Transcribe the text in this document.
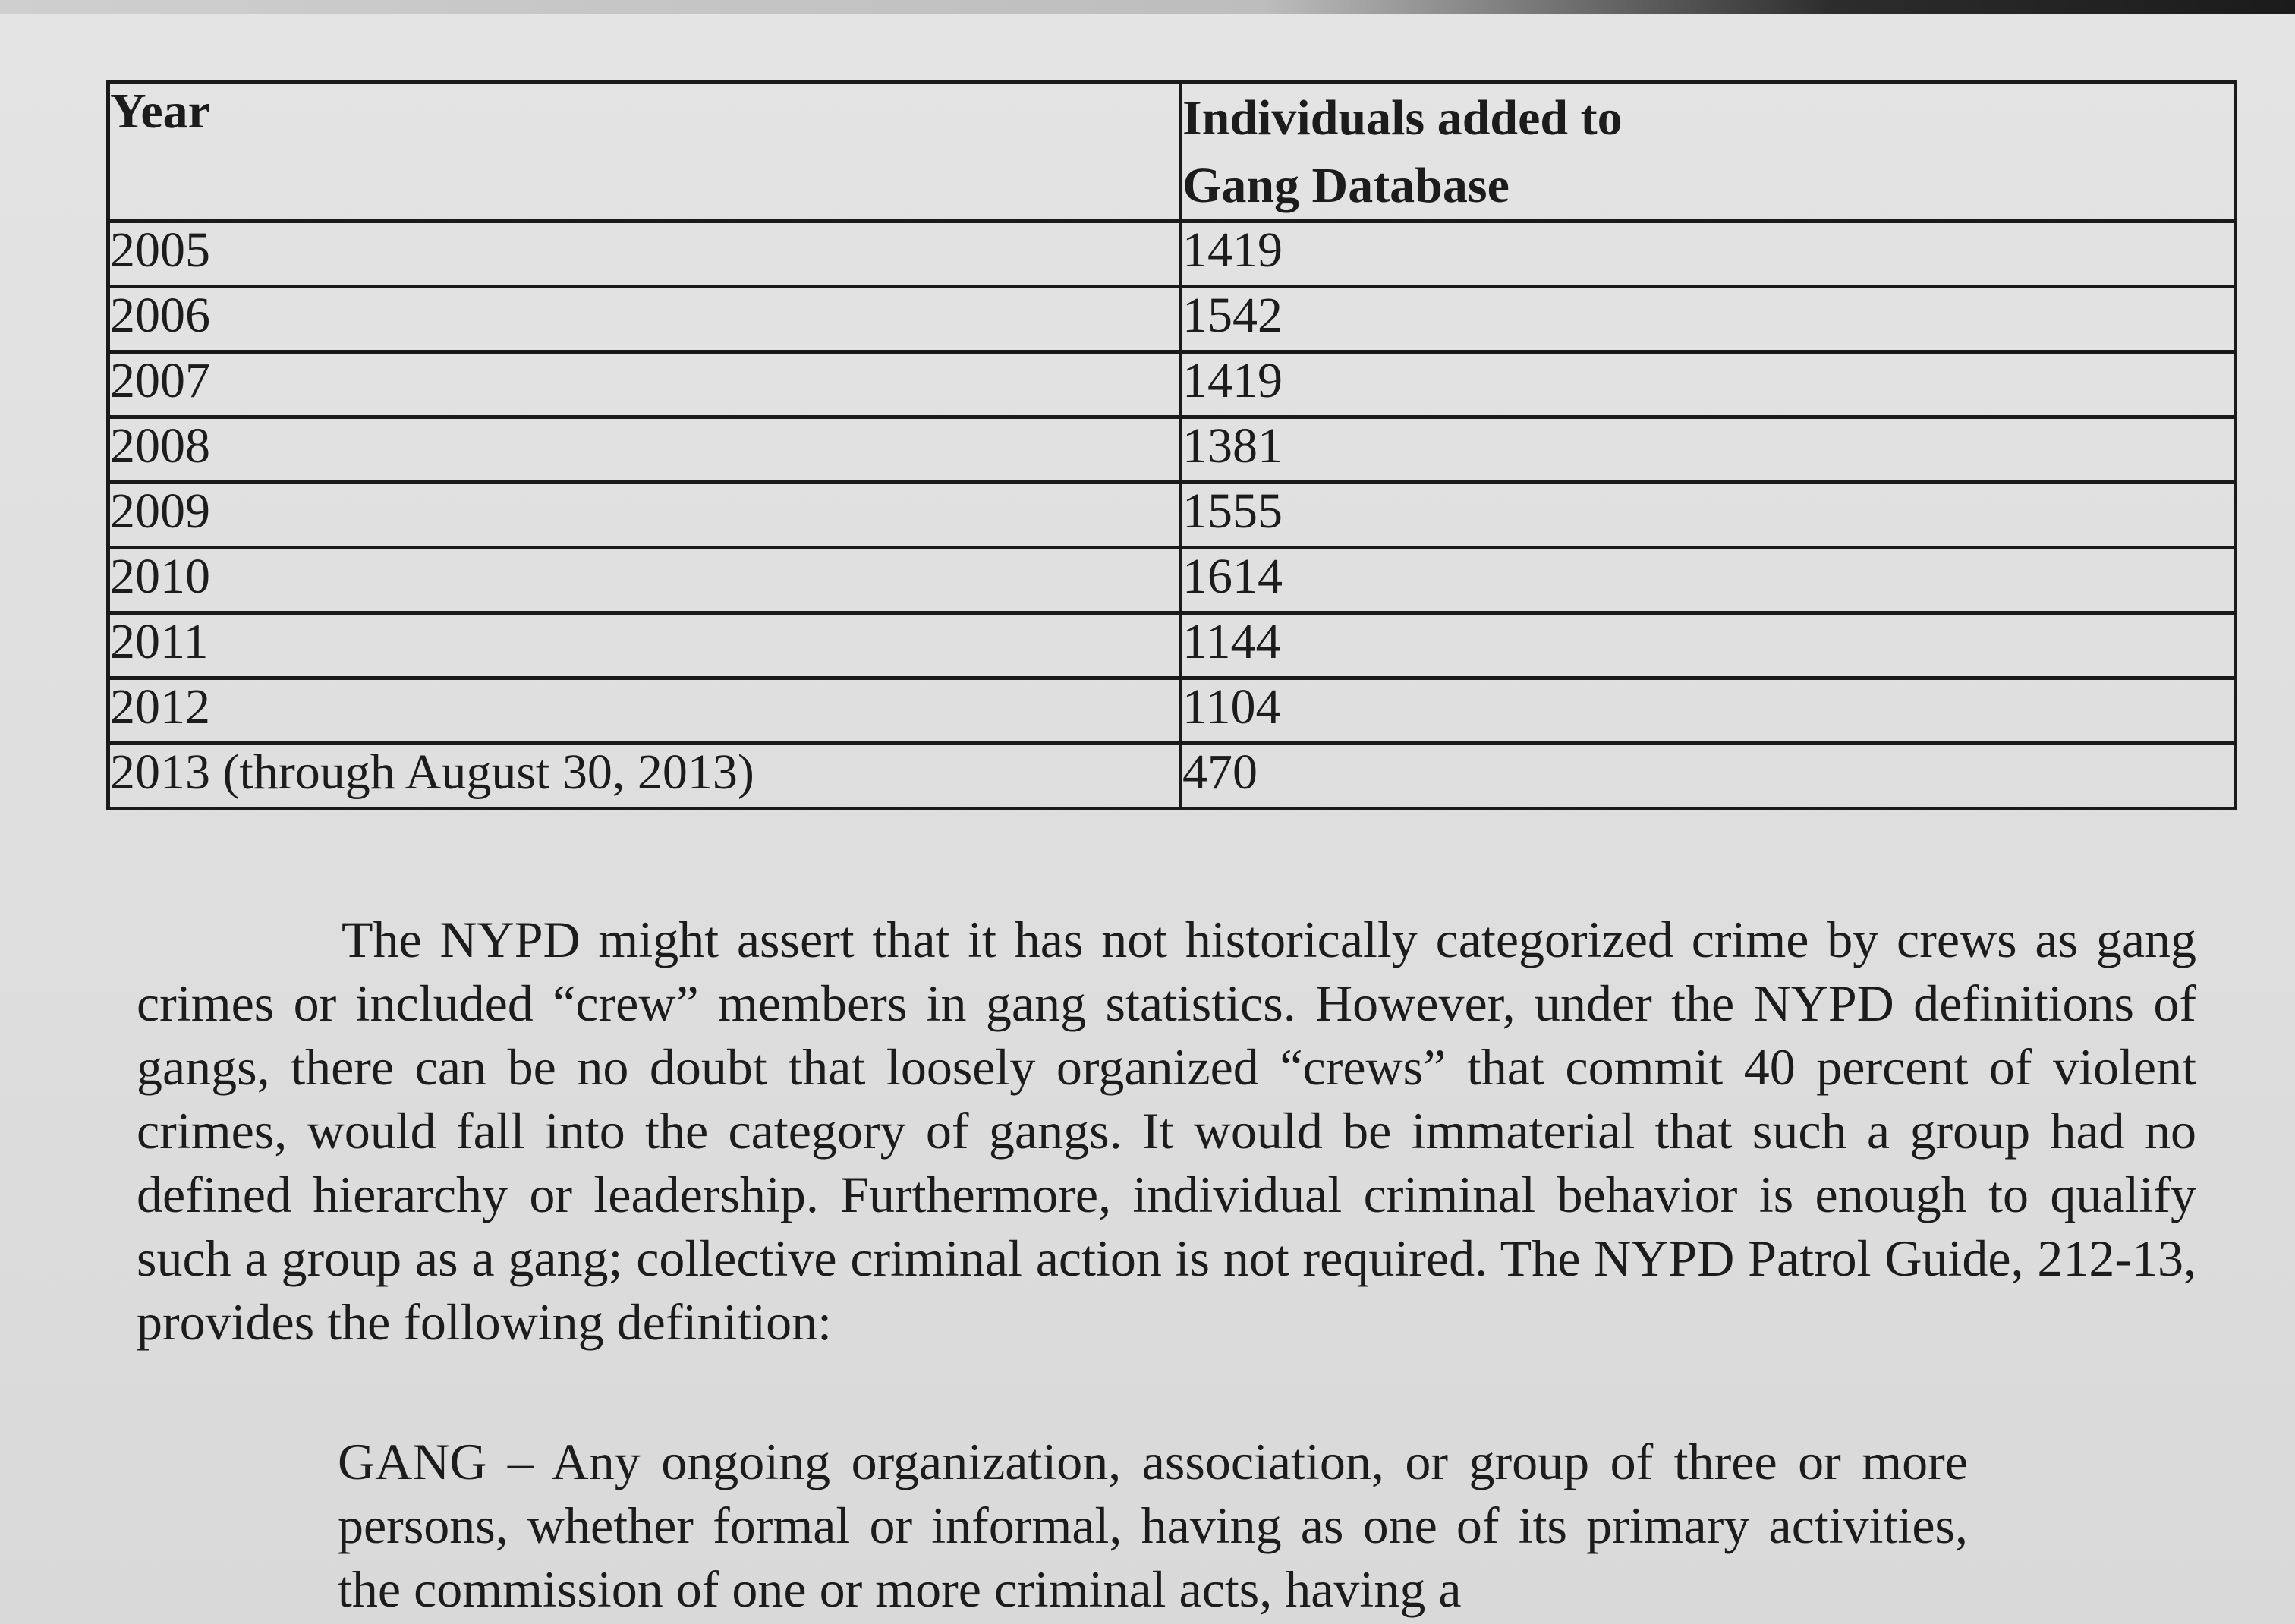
Year	Individuals added to
Gang Database
2005	1419
2006	1542
2007	1419
2008	1381
2009	1555
2010	1614
2011	1144
2012	1104
2013 (through August 30, 2013)	470

The NYPD might assert that it has not historically categorized crime by crews as gang crimes or included “crew” members in gang statistics. However, under the NYPD definitions of gangs, there can be no doubt that loosely organized “crews” that commit 40 percent of violent crimes, would fall into the category of gangs. It would be immaterial that such a group had no defined hierarchy or leadership. Furthermore, individual criminal behavior is enough to qualify such a group as a gang; collective criminal action is not required. The NYPD Patrol Guide, 212-13, provides the following definition:

GANG – Any ongoing organization, association, or group of three or more persons, whether formal or informal, having as one of its primary activities, the commission of one or more criminal acts, having a
